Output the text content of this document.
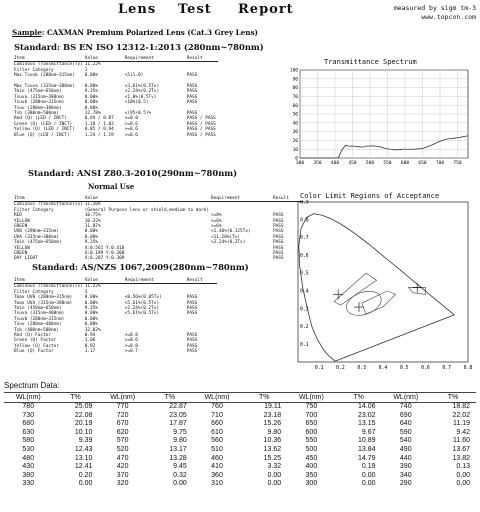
Lens Test Report	measured by sigm tm-3
www.topcon.com
Sample: CAXMAN Premium Polarized Lens (Cat.3 Grey Lens)
Standard: BS EN ISO 12312-1:2013 (280nm~780nm)
Item	Value	Requirement	Result
Luminous Transmittance(Tv)	11.22%		
Filter Category	3		
Max Tsuvb (280nm~315nm)	0.00%	<5(1.0)	PASS

Max Tsuva (315nm~380nm)	0.00%	<3.61%(0.5Tv)	PASS
Tmin (475nm~650nm)	9.35%	>2.24%(0.2Tv)	PASS
Tsuva (315nm~380nm)	0.00%	<1.0%(0.5Tv)	PASS
Tsuvb (280nm~315nm)	0.00%	<10%(0.5)	PASS
Tsuv (280nm~380nm)	0.00%		
Tsb (380nm~500nm)	12.78%	<(95+0.5)%	PASS
Red (Q) (LED / INCT)	0.94 / 0.87	>=0.8	PASS / PASS
Green (Q) (LED / INCT)	1.18 / 1.03	>=0.6	PASS / PASS
Yellow (Q) (LED / INCT)	0.85 / 0.94	>=0.6	PASS / PASS
Blue (Q) (LED / INCT)	1.24 / 1.19	>=0.6	PASS / PASS
Standard: ANSI Z80.3-2010(290nm~780nm)
Normal Use
Item	Value	Requirement	Result
Luminous Transmittance(Tv)	11.20%		
Filter Category	(General Purpose lens or shield,medium to dark)		
RED	10.75%	>=8%	PASS
YELLOW	10.32%	>=6%	PASS
GREEN	11.87%	>=6%	PASS
UVB (290nm~315nm)	0.00%	<1.40%(0.125Tv)	PASS
UVA (315nm~380nm)	0.00%	<11.20%(Tv)	PASS
Tmin (475nm~650nm)	9.35%	>2.24%(0.2Tv)	PASS
YELLOW	X:0.561 Y:0.418		PASS
GREEN	X:0.189 Y:0.380		PASS
DAY LIGHT	X:0.287 Y:0.309		PASS
Standard: AS/NZS 1067,2009(280nm~780nm)
Item	Value	Requirement	Result
Luminous Transmittance(Tv)	11.22%		
Filter Category	3		
Tmax UVB (280nm~315nm)	0.00%	<0.56%(0.05Tv)	PASS
Tmax UVA (315nm~380nm)	0.00%	<5.61%(0.5Tv)	PASS
Tmin (450nm~650nm)	9.35%	>2.24%(0.2Tv)	PASS
Tsuva (315nm~400nm)	0.00%	<5.61%(0.5Tv)	PASS
Tsuvb (280nm~315nm)	0.00%		
Tsuv (280nm~400nm)	0.00%		
Tsb (400nm~500nm)	12.82%		
Red (Q) Factor	0.94	>=0.8	PASS
Green (Q) Factor	1.06	>=0.6	PASS
Yellow (Q) Factor	0.92	>=0.8	PASS
Blue (Q) Factor	1.17	>=0.7	PASS
Transmittance Spectrum
0
10
20
30
40
50
60
70
80
90
100
300 350 400 450 500 550 600 650 700 750
Color Limit Regions of Acceptance
0.1	0.2	0.3	0.4	0.5	0.6	0.7	0.8
0.1
0.2
0.3
0.4
0.5
0.6
0.7
0.8
0.9
Spectrum Data:
WL(nm)	T%	WL(nm)	T%	WL(nm)	T%	WL(nm)	T%	WL(nm)	T%
780	25.09	770	22.87	760	19.11	750	14.06	740	18.82
730	22.08	720	23.05	710	23.18	700	23.02	690	22.02
680	20.19	670	17.87	660	15.26	650	13.15	640	11.19
630	10.10	620	9.75	610	9.80	600	9.67	590	9.42
580	9.39	570	9.80	560	10.36	550	10.89	540	11.60
530	12.43	520	13.17	510	13.62	500	13.84	490	13.67
480	13.10	470	13.28	460	15.25	450	14.79	440	13.82
430	12.41	420	9.45	410	3.32	400	0.19	390	0.13
380	0.20	370	0.32	360	0.00	350	0.00	340	0.00
330	0.00	320	0.00	310	0.00	300	0.00	290	0.00
